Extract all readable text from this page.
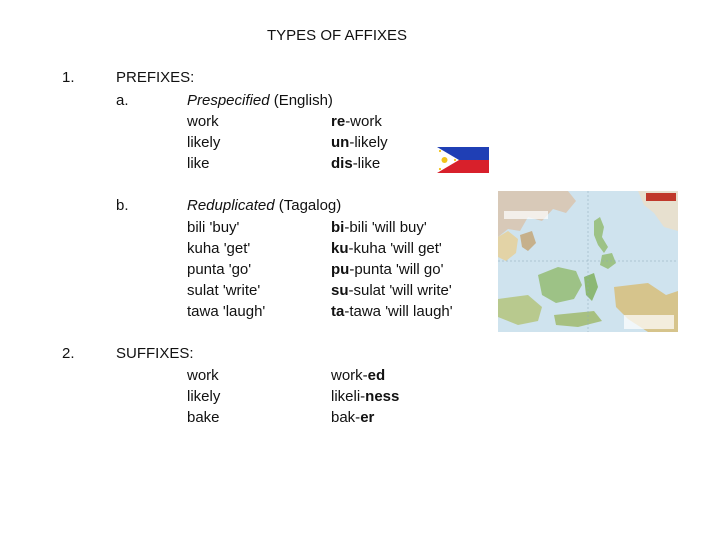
TYPES OF AFFIXES
1.	PREFIXES:
a.	Prespecified (English)
work	re-work
likely	un-likely
like	dis-like
b.	Reduplicated (Tagalog)
bili 'buy'	bi-bili 'will buy'
kuha 'get'	ku-kuha 'will get'
punta 'go'	pu-punta 'will go'
sulat 'write'	su-sulat 'will write'
tawa 'laugh'	ta-tawa 'will laugh'
2.	SUFFIXES:
work	work-ed
likely	likeli-ness
bake	bak-er
